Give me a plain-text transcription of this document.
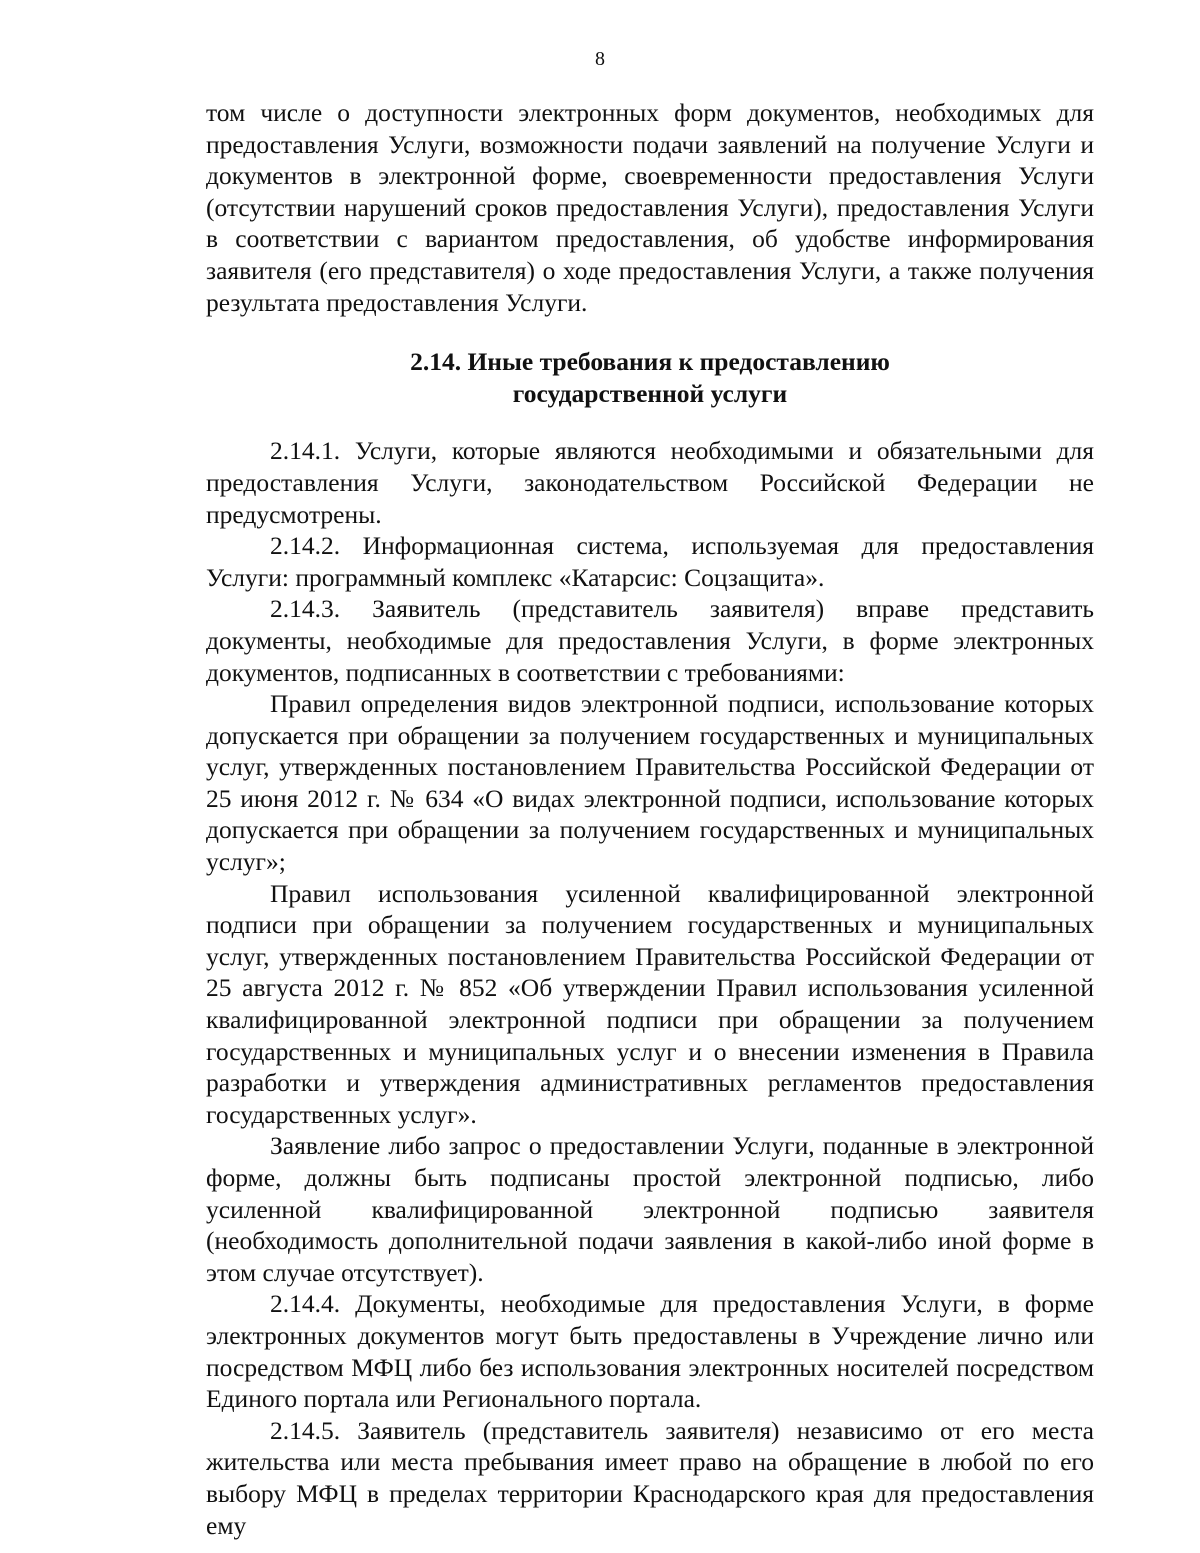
8

том числе о доступности электронных форм документов, необходимых для предоставления Услуги, возможности подачи заявлений на получение Услуги и документов в электронной форме, своевременности предоставления Услуги (отсутствии нарушений сроков предоставления Услуги), предоставления Услуги в соответствии с вариантом предоставления, об удобстве информирования заявителя (его представителя) о ходе предоставления Услуги, а также получения результата предоставления Услуги.

2.14. Иные требования к предоставлению
государственной услуги

2.14.1. Услуги, которые являются необходимыми и обязательными для предоставления Услуги, законодательством Российской Федерации не предусмотрены.

2.14.2. Информационная система, используемая для предоставления Услуги: программный комплекс «Катарсис: Соцзащита».

2.14.3. Заявитель (представитель заявителя) вправе представить документы, необходимые для предоставления Услуги, в форме электронных документов, подписанных в соответствии с требованиями:

Правил определения видов электронной подписи, использование которых допускается при обращении за получением государственных и муниципальных услуг, утвержденных постановлением Правительства Российской Федерации от 25 июня 2012 г. № 634 «О видах электронной подписи, использование которых допускается при обращении за получением государственных и муниципальных услуг»;

Правил использования усиленной квалифицированной электронной подписи при обращении за получением государственных и муниципальных услуг, утвержденных постановлением Правительства Российской Федерации от 25 августа 2012 г. № 852 «Об утверждении Правил использования усиленной квалифицированной электронной подписи при обращении за получением государственных и муниципальных услуг и о внесении изменения в Правила разработки и утверждения административных регламентов предоставления государственных услуг».

Заявление либо запрос о предоставлении Услуги, поданные в электронной форме, должны быть подписаны простой электронной подписью, либо усиленной квалифицированной электронной подписью заявителя (необходимость дополнительной подачи заявления в какой-либо иной форме в этом случае отсутствует).

2.14.4. Документы, необходимые для предоставления Услуги, в форме электронных документов могут быть предоставлены в Учреждение лично или посредством МФЦ либо без использования электронных носителей посредством Единого портала или Регионального портала.

2.14.5. Заявитель (представитель заявителя) независимо от его места жительства или места пребывания имеет право на обращение в любой по его выбору МФЦ в пределах территории Краснодарского края для предоставления ему
